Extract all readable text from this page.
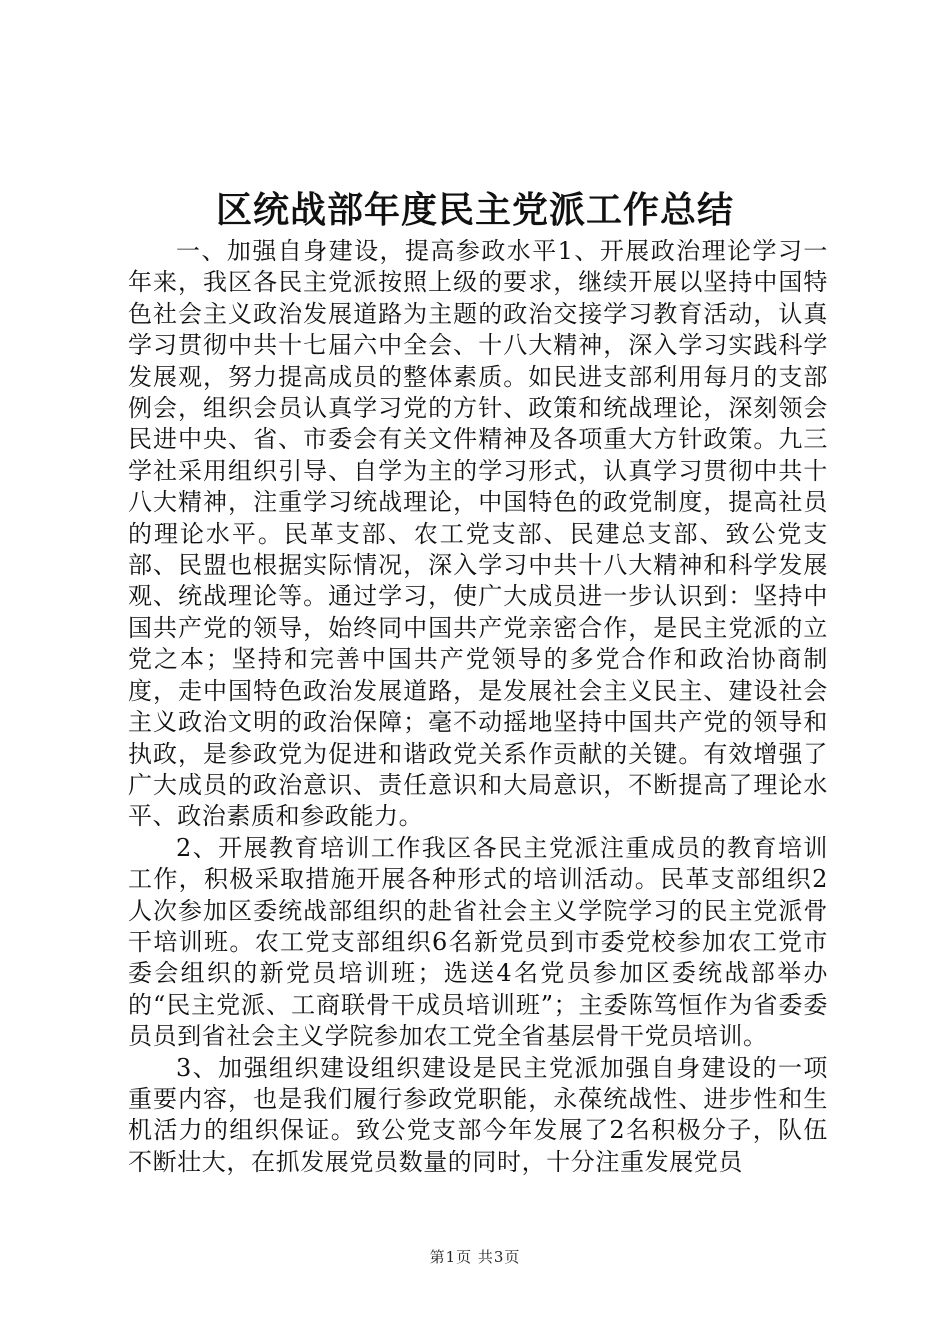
区统战部年度民主党派工作总结

一、加强自身建设，提高参政水平1、开展政治理论学习一年来，我区各民主党派按照上级的要求，继续开展以坚持中国特色社会主义政治发展道路为主题的政治交接学习教育活动，认真学习贯彻中共十七届六中全会、十八大精神，深入学习实践科学发展观，努力提高成员的整体素质。如民进支部利用每月的支部例会，组织会员认真学习党的方针、政策和统战理论，深刻领会民进中央、省、市委会有关文件精神及各项重大方针政策。九三学社采用组织引导、自学为主的学习形式，认真学习贯彻中共十八大精神，注重学习统战理论，中国特色的政党制度，提高社员的理论水平。民革支部、农工党支部、民建总支部、致公党支部、民盟也根据实际情况，深入学习中共十八大精神和科学发展观、统战理论等。通过学习，使广大成员进一步认识到：坚持中国共产党的领导，始终同中国共产党亲密合作，是民主党派的立党之本；坚持和完善中国共产党领导的多党合作和政治协商制度，走中国特色政治发展道路，是发展社会主义民主、建设社会主义政治文明的政治保障；毫不动摇地坚持中国共产党的领导和执政，是参政党为促进和谐政党关系作贡献的关键。有效增强了广大成员的政治意识、责任意识和大局意识，不断提高了理论水平、政治素质和参政能力。

2、开展教育培训工作我区各民主党派注重成员的教育培训工作，积极采取措施开展各种形式的培训活动。民革支部组织2人次参加区委统战部组织的赴省社会主义学院学习的民主党派骨干培训班。农工党支部组织6名新党员到市委党校参加农工党市委会组织的新党员培训班；选送4名党员参加区委统战部举办的“民主党派、工商联骨干成员培训班”；主委陈笃恒作为省委委员员到省社会主义学院参加农工党全省基层骨干党员培训。

3、加强组织建设组织建设是民主党派加强自身建设的一项重要内容，也是我们履行参政党职能，永葆统战性、进步性和生机活力的组织保证。致公党支部今年发展了2名积极分子，队伍不断壮大，在抓发展党员数量的同时，十分注重发展党员

第1页 共3页
